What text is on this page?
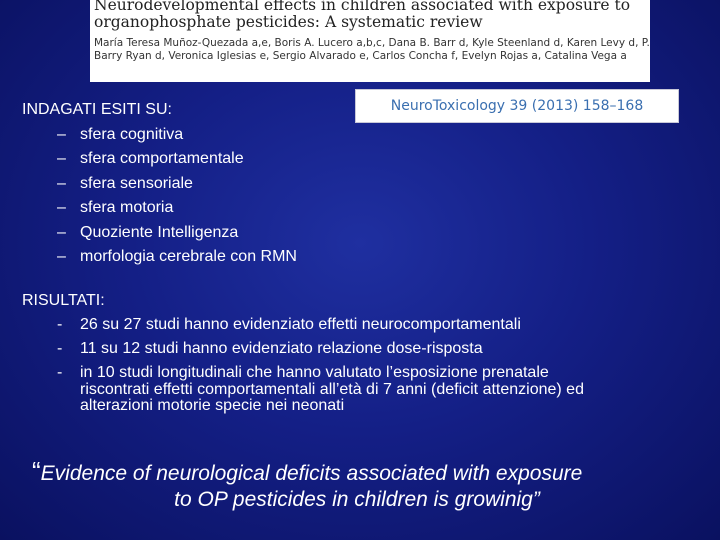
Neurodevelopmental effects in children associated with exposure to organophosphate pesticides: A systematic review
María Teresa Muñoz-Quezada a,e, Boris A. Lucero a,b,c, Dana B. Barr d, Kyle Steenland d, Karen Levy d, P. Barry Ryan d, Veronica Iglesias e, Sergio Alvarado e, Carlos Concha f, Evelyn Rojas a, Catalina Vega a
NeuroToxicology 39 (2013) 158–168

INDAGATI ESITI SU:

– sfera cognitiva
– sfera comportamentale
– sfera sensoriale
– sfera motoria
– Quoziente Intelligenza
– morfologia cerebrale con RMN

RISULTATI:

- 26 su 27 studi hanno evidenziato effetti neurocomportamentali
- 11 su 12 studi hanno evidenziato relazione dose-risposta
- in 10 studi longitudinali che hanno valutato l’esposizione prenatale riscontrati effetti comportamentali all’età di 7 anni (deficit attenzione) ed alterazioni motorie specie nei neonati
“Evidence of neurological deficits associated with exposure
to OP pesticides in children is growinig”
